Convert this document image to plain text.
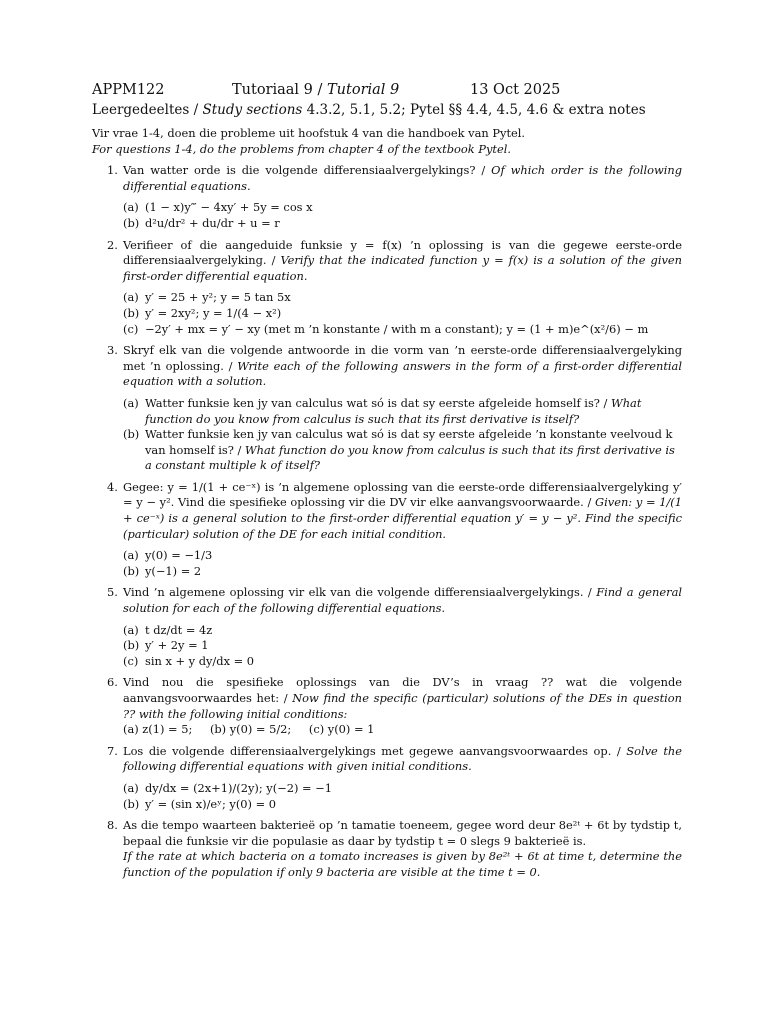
APPM122	Tutoriaal 9 / Tutorial 9	13 Oct 2025
Leergedeeltes / Study sections 4.3.2, 5.1, 5.2; Pytel §§ 4.4, 4.5, 4.6 & extra notes

Vir vrae 1-4, doen die probleme uit hoofstuk 4 van die handboek van Pytel.

For questions 1-4, do the problems from chapter 4 of the textbook Pytel.

1. Van watter orde is die volgende differensiaalvergelykings? / Of which order is the following differential equations.
(a) (1 − x)y‴ − 4xy′ + 5y = cos x
(b) d²u/dr² + du/dr + u = r
2. Verifieer of die aangeduide funksie y = f(x) ’n oplossing is van die gegewe eerste-orde differensiaalvergelyking. / Verify that the indicated function y = f(x) is a solution of the given first-order differential equation.
(a) y′ = 25 + y²; y = 5 tan 5x
(b) y′ = 2xy²; y = 1/(4 − x²)
(c) −2y′ + mx = y′ − xy (met m ’n konstante / with m a constant); y = (1 + m)e^(x²/6) − m
3. Skryf elk van die volgende antwoorde in die vorm van ’n eerste-orde differensiaalvergelyking met ’n oplossing. / Write each of the following answers in the form of a first-order differential equation with a solution.
(a) Watter funksie ken jy van calculus wat só is dat sy eerste afgeleide homself is? / What function do you know from calculus is such that its first derivative is itself?
(b) Watter funksie ken jy van calculus wat só is dat sy eerste afgeleide ’n konstante veelvoud k van homself is? / What function do you know from calculus is such that its first derivative is a constant multiple k of itself?
4. Gegee: y = 1/(1 + ce⁻ˣ) is ’n algemene oplossing van die eerste-orde differensiaalvergelyking y′ = y − y². Vind die spesifieke oplossing vir die DV vir elke aanvangsvoorwaarde. / Given: y = 1/(1 + ce⁻ˣ) is a general solution to the first-order differential equation y′ = y − y². Find the specific (particular) solution of the DE for each initial condition.
(a) y(0) = −1/3
(b) y(−1) = 2
5. Vind ’n algemene oplossing vir elk van die volgende differensiaalvergelykings. / Find a general solution for each of the following differential equations.
(a) t dz/dt = 4z
(b) y′ + 2y = 1
(c) sin x + y dy/dx = 0
6. Vind nou die spesifieke oplossings van die DV’s in vraag ?? wat die volgende aanvangsvoorwaardes het: / Now find the specific (particular) solutions of the DEs in question ?? with the following initial conditions:
(a) z(1) = 5; (b) y(0) = 5/2; (c) y(0) = 1
7. Los die volgende differensiaalvergelykings met gegewe aanvangsvoorwaardes op. / Solve the following differential equations with given initial conditions.
(a) dy/dx = (2x+1)/(2y); y(−2) = −1
(b) y′ = (sin x)/eʸ; y(0) = 0
8. As die tempo waarteen bakterieë op ’n tamatie toeneem, gegee word deur 8e²ᵗ + 6t by tydstip t, bepaal die funksie vir die populasie as daar by tydstip t = 0 slegs 9 bakterieë is.
If the rate at which bacteria on a tomato increases is given by 8e²ᵗ + 6t at time t, determine the function of the population if only 9 bacteria are visible at the time t = 0.
